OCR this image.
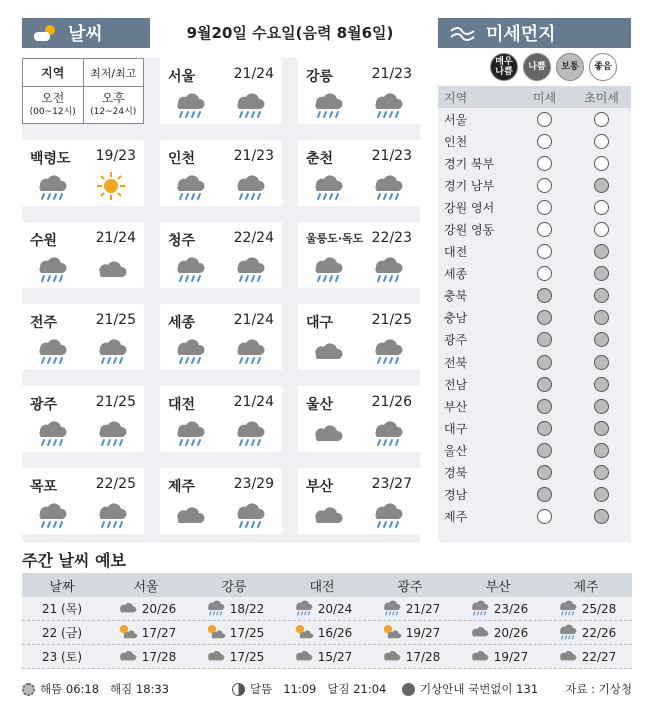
날씨	9월20일 수요일(음력 8월6일)	미세먼지
매우나쁨	나쁨	보통	좋음
지역	최저/최고
오전
(00~12시)
오후
(12~24시)
서울	21/24 강릉	21/23
백령도 19/23 인천	21/23 춘천	21/23
수원	21/24 청주	22/24	울릉도·독도 22/23
전주	21/25 세종	21/24 대구	21/25
광주	21/25 대전	21/24 울산	21/26
목포	22/25 제주	23/29 부산	23/27
지역	미세	초미세
서울
인천
경기 북부
경기 남부
강원 영서
강원 영동
대전
세종
충북
충남
광주
전북
전남
부산
대구
울산
경북
경남
제주
주간 날씨 예보
날짜	서울	강릉	대전	광주	부산	제주
21 (목)	20/26	18/22	20/24	21/27	23/26	25/28
22 (금)	17/27	17/25	16/26	19/27	20/26	22/26
23 (토)	17/28	17/25	15/27	17/28	19/27	22/27
해뜸 06:18 해짐 18:33	달뜸 11:09 달짐 21:04	기상안내 국번없이 131	자료 : 기상청
